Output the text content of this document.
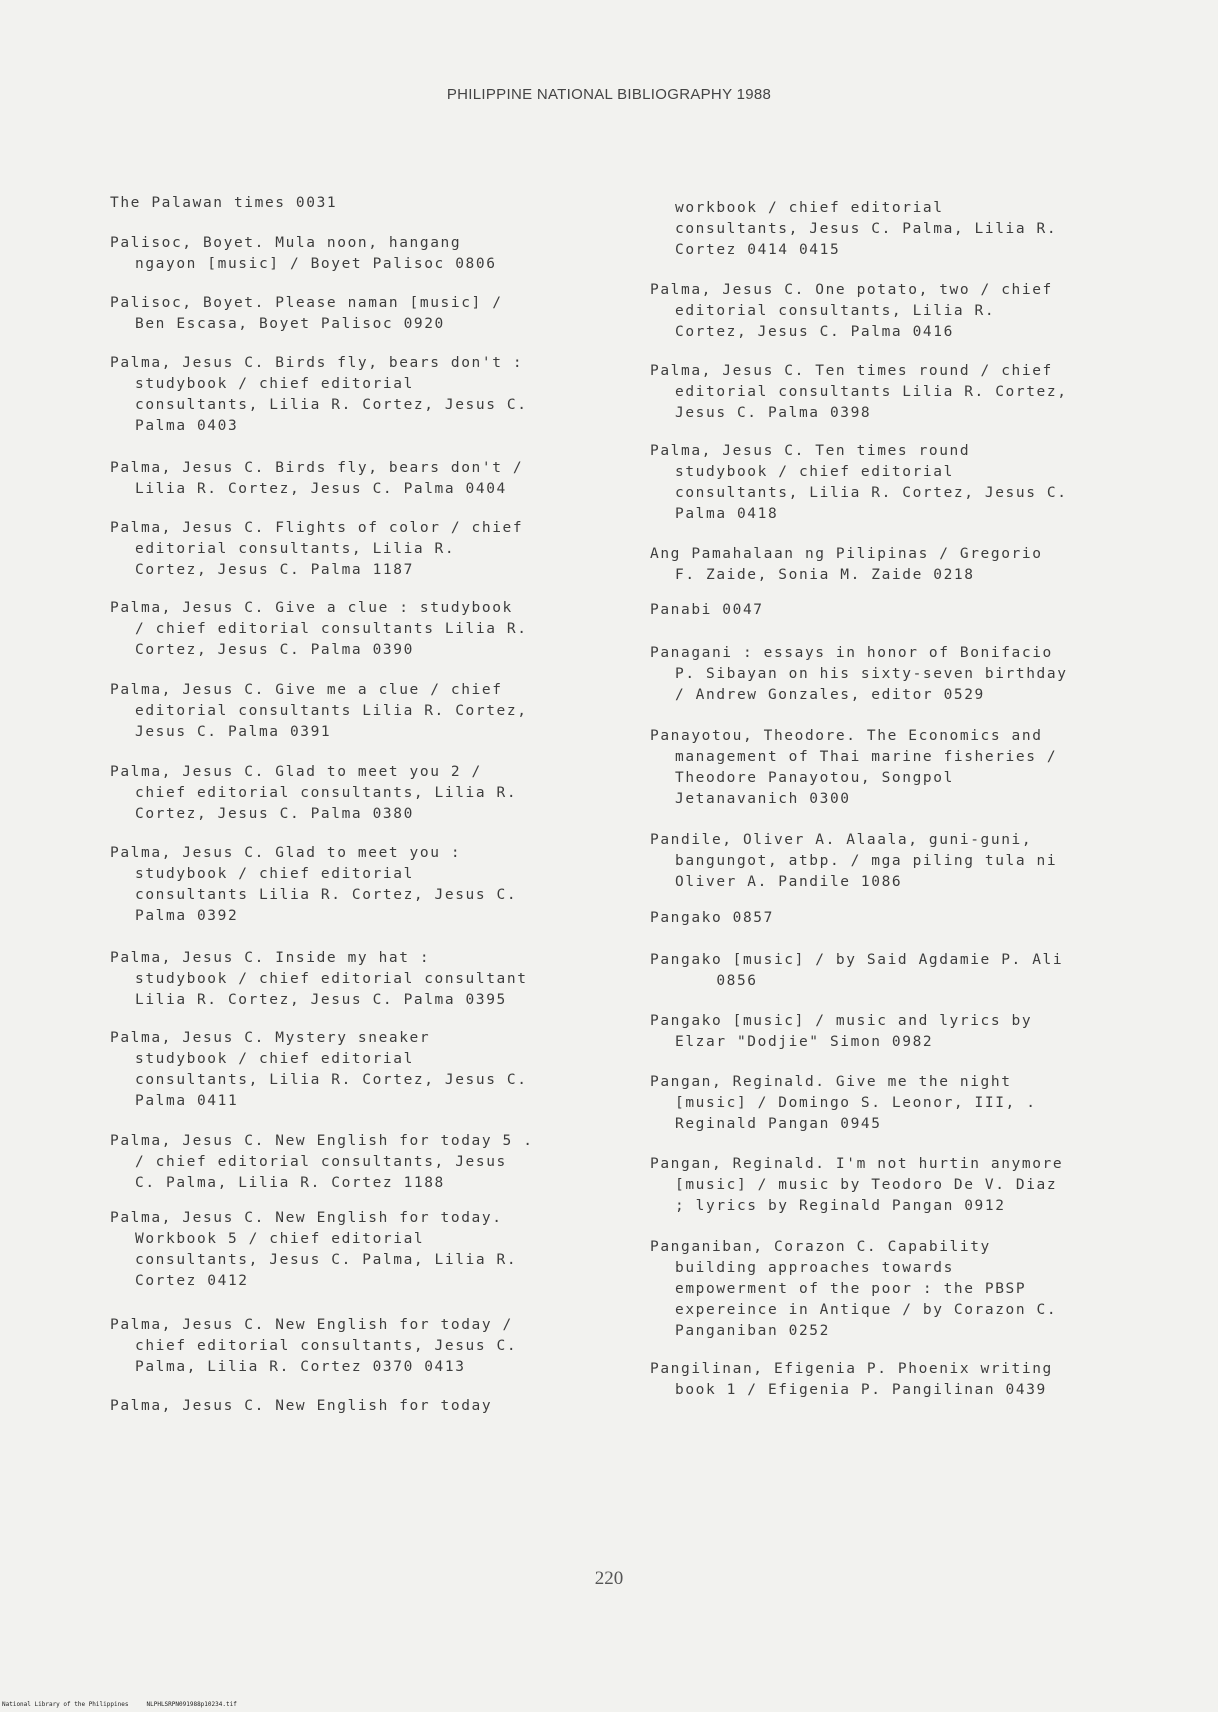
PHILIPPINE NATIONAL BIBLIOGRAPHY 1988
The Palawan times 0031
Palisoc, Boyet. Mula noon, hangang
ngayon [music] / Boyet Palisoc 0806
Palisoc, Boyet. Please naman [music] /
Ben Escasa, Boyet Palisoc 0920
Palma, Jesus C. Birds fly, bears don't :
studybook / chief editorial
consultants, Lilia R. Cortez, Jesus C.
Palma 0403
Palma, Jesus C. Birds fly, bears don't /
Lilia R. Cortez, Jesus C. Palma 0404
Palma, Jesus C. Flights of color / chief
editorial consultants, Lilia R.
Cortez, Jesus C. Palma 1187
Palma, Jesus C. Give a clue : studybook
/ chief editorial consultants Lilia R.
Cortez, Jesus C. Palma 0390
Palma, Jesus C. Give me a clue / chief
editorial consultants Lilia R. Cortez,
Jesus C. Palma 0391
Palma, Jesus C. Glad to meet you 2 /
chief editorial consultants, Lilia R.
Cortez, Jesus C. Palma 0380
Palma, Jesus C. Glad to meet you :
studybook / chief editorial
consultants Lilia R. Cortez, Jesus C.
Palma 0392
Palma, Jesus C. Inside my hat :
studybook / chief editorial consultant
Lilia R. Cortez, Jesus C. Palma 0395
Palma, Jesus C. Mystery sneaker
studybook / chief editorial
consultants, Lilia R. Cortez, Jesus C.
Palma 0411
Palma, Jesus C. New English for today 5 .
/ chief editorial consultants, Jesus
C. Palma, Lilia R. Cortez 1188
Palma, Jesus C. New English for today.
Workbook 5 / chief editorial
consultants, Jesus C. Palma, Lilia R.
Cortez 0412
Palma, Jesus C. New English for today /
chief editorial consultants, Jesus C.
Palma, Lilia R. Cortez 0370 0413
Palma, Jesus C. New English for today
workbook / chief editorial
consultants, Jesus C. Palma, Lilia R.
Cortez 0414 0415
Palma, Jesus C. One potato, two / chief
editorial consultants, Lilia R.
Cortez, Jesus C. Palma 0416
Palma, Jesus C. Ten times round / chief
editorial consultants Lilia R. Cortez,
Jesus C. Palma 0398
Palma, Jesus C. Ten times round
studybook / chief editorial
consultants, Lilia R. Cortez, Jesus C.
Palma 0418
Ang Pamahalaan ng Pilipinas / Gregorio
F. Zaide, Sonia M. Zaide 0218
Panabi 0047
Panagani : essays in honor of Bonifacio
P. Sibayan on his sixty-seven birthday
/ Andrew Gonzales, editor 0529
Panayotou, Theodore. The Economics and
management of Thai marine fisheries /
Theodore Panayotou, Songpol
Jetanavanich 0300
Pandile, Oliver A. Alaala, guni-guni,
bangungot, atbp. / mga piling tula ni
Oliver A. Pandile 1086
Pangako 0857
Pangako [music] / by Said Agdamie P. Ali
0856
Pangako [music] / music and lyrics by
Elzar "Dodjie" Simon 0982
Pangan, Reginald. Give me the night
[music] / Domingo S. Leonor, III, .
Reginald Pangan 0945
Pangan, Reginald. I'm not hurtin anymore
[music] / music by Teodoro De V. Diaz
; lyrics by Reginald Pangan 0912
Panganiban, Corazon C. Capability
building approaches towards
empowerment of the poor : the PBSP
expereince in Antique / by Corazon C.
Panganiban 0252
Pangilinan, Efigenia P. Phoenix writing
book 1 / Efigenia P. Pangilinan 0439
220
National Library of the Philippines     NLPHLSRPN091988p10234.tif
